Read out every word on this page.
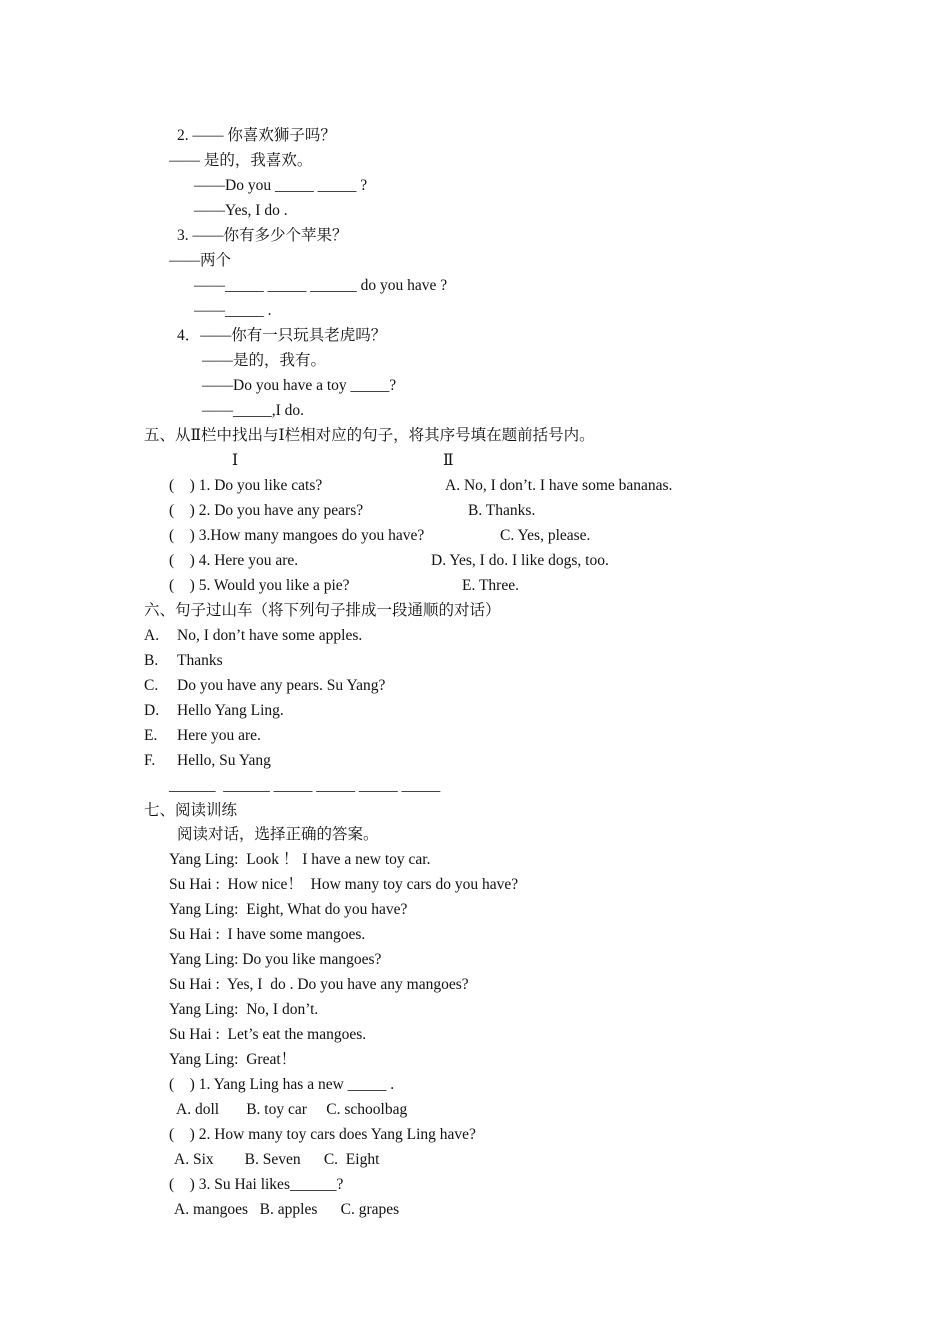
2. —— 你喜欢狮子吗？
—— 是的，我喜欢。
——Do you _____ _____ ?
——Yes, I do .
3. ——你有多少个苹果？
——两个
——_____ _____ ______ do you have ?
——_____ .
4．——你有一只玩具老虎吗？
——是的，我有。
——Do you have a toy _____?
——_____,I do.
五、从Ⅱ栏中找出与Ⅰ栏相对应的句子，将其序号填在题前括号内。
Ⅰ	Ⅱ
(    ) 1. Do you like cats?	A. No, I don’t. I have some bananas.
(    ) 2. Do you have any pears?	B. Thanks.
(    ) 3.How many mangoes do you have?	C. Yes, please.
(    ) 4. Here you are.	D. Yes, I do. I like dogs, too.
(    ) 5. Would you like a pie?	E. Three.
六、句子过山车（将下列句子排成一段通顺的对话）
A. No, I don’t have some apples.
B. Thanks
C. Do you have any pears. Su Yang?
D. Hello Yang Ling.
E. Here you are.
F. Hello, Su Yang
______  ______ _____ _____ _____ _____
七、阅读训练
阅读对话，选择正确的答案。
Yang Ling:  Look ！ I have a new toy car.
Su Hai :  How nice！  How many toy cars do you have?
Yang Ling:  Eight, What do you have?
Su Hai :  I have some mangoes.
Yang Ling: Do you like mangoes?
Su Hai :  Yes, I  do . Do you have any mangoes?
Yang Ling:  No, I don’t.
Su Hai :  Let’s eat the mangoes.
Yang Ling:  Great！
(    ) 1. Yang Ling has a new _____ .
A. doll       B. toy car     C. schoolbag
(    ) 2. How many toy cars does Yang Ling have?
A. Six        B. Seven      C.  Eight
(    ) 3. Su Hai likes______?
A. mangoes   B. apples      C. grapes
